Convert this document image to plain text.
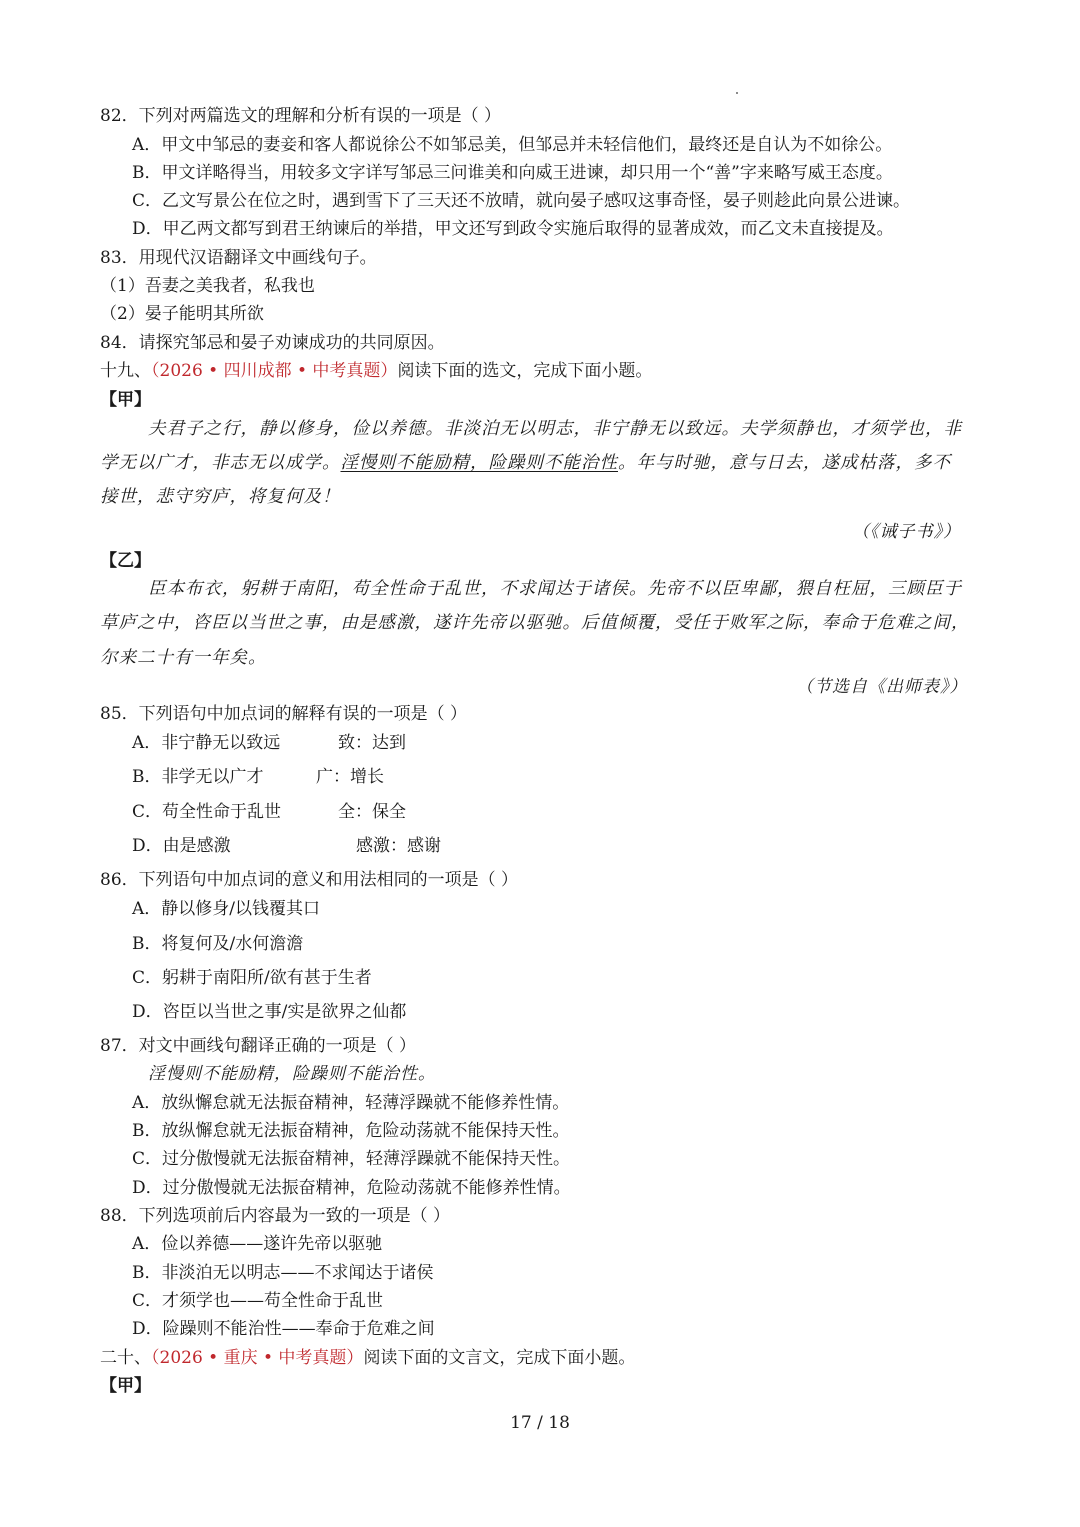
82．下列对两篇选文的理解和分析有误的一项是（ ）
A．甲文中邹忌的妻妾和客人都说徐公不如邹忌美，但邹忌并未轻信他们，最终还是自认为不如徐公。
B．甲文详略得当，用较多文字详写邹忌三问谁美和向威王进谏，却只用一个“善”字来略写威王态度。
C．乙文写景公在位之时，遇到雪下了三天还不放晴，就向晏子感叹这事奇怪，晏子则趁此向景公进谏。
D．甲乙两文都写到君王纳谏后的举措，甲文还写到政令实施后取得的显著成效，而乙文未直接提及。
83．用现代汉语翻译文中画线句子。
（1）吾妻之美我者，私我也
（2）晏子能明其所欲
84．请探究邹忌和晏子劝谏成功的共同原因。
十九、（2026 • 四川成都 • 中考真题）阅读下面的选文，完成下面小题。
【甲】
夫君子之行，静以修身，俭以养德。非淡泊无以明志，非宁静无以致远。夫学须静也，才须学也，非
学无以广才，非志无以成学。淫慢则不能励精，险躁则不能治性。年与时驰，意与日去，遂成枯落，多不
接世，悲守穷庐，将复何及！
（《诫子书》）
【乙】
臣本布衣，躬耕于南阳，苟全性命于乱世，不求闻达于诸侯。先帝不以臣卑鄙，猥自枉屈，三顾臣于
草庐之中，咨臣以当世之事，由是感激，遂许先帝以驱驰。后值倾覆，受任于败军之际，奉命于危难之间，
尔来二十有一年矣。
（节选自《出师表》）
85．下列语句中加点词的解释有误的一项是（ ）
A．非宁静无以致远	致：达到
B．非学无以广才	广：增长
C．苟全性命于乱世	全：保全
D．由是感激	感激：感谢
86．下列语句中加点词的意义和用法相同的一项是（ ）
A．静以修身/以钱覆其口
B．将复何及/水何澹澹
C．躬耕于南阳所/欲有甚于生者
D．咨臣以当世之事/实是欲界之仙都
87．对文中画线句翻译正确的一项是（ ）
淫慢则不能励精，险躁则不能治性。
A．放纵懈怠就无法振奋精神，轻薄浮躁就不能修养性情。
B．放纵懈怠就无法振奋精神，危险动荡就不能保持天性。
C．过分傲慢就无法振奋精神，轻薄浮躁就不能保持天性。
D．过分傲慢就无法振奋精神，危险动荡就不能修养性情。
88．下列选项前后内容最为一致的一项是（ ）
A．俭以养德——遂许先帝以驱驰
B．非淡泊无以明志——不求闻达于诸侯
C．才须学也——苟全性命于乱世
D．险躁则不能治性——奉命于危难之间
二十、（2026 • 重庆 • 中考真题）阅读下面的文言文，完成下面小题。
【甲】
17 / 18
